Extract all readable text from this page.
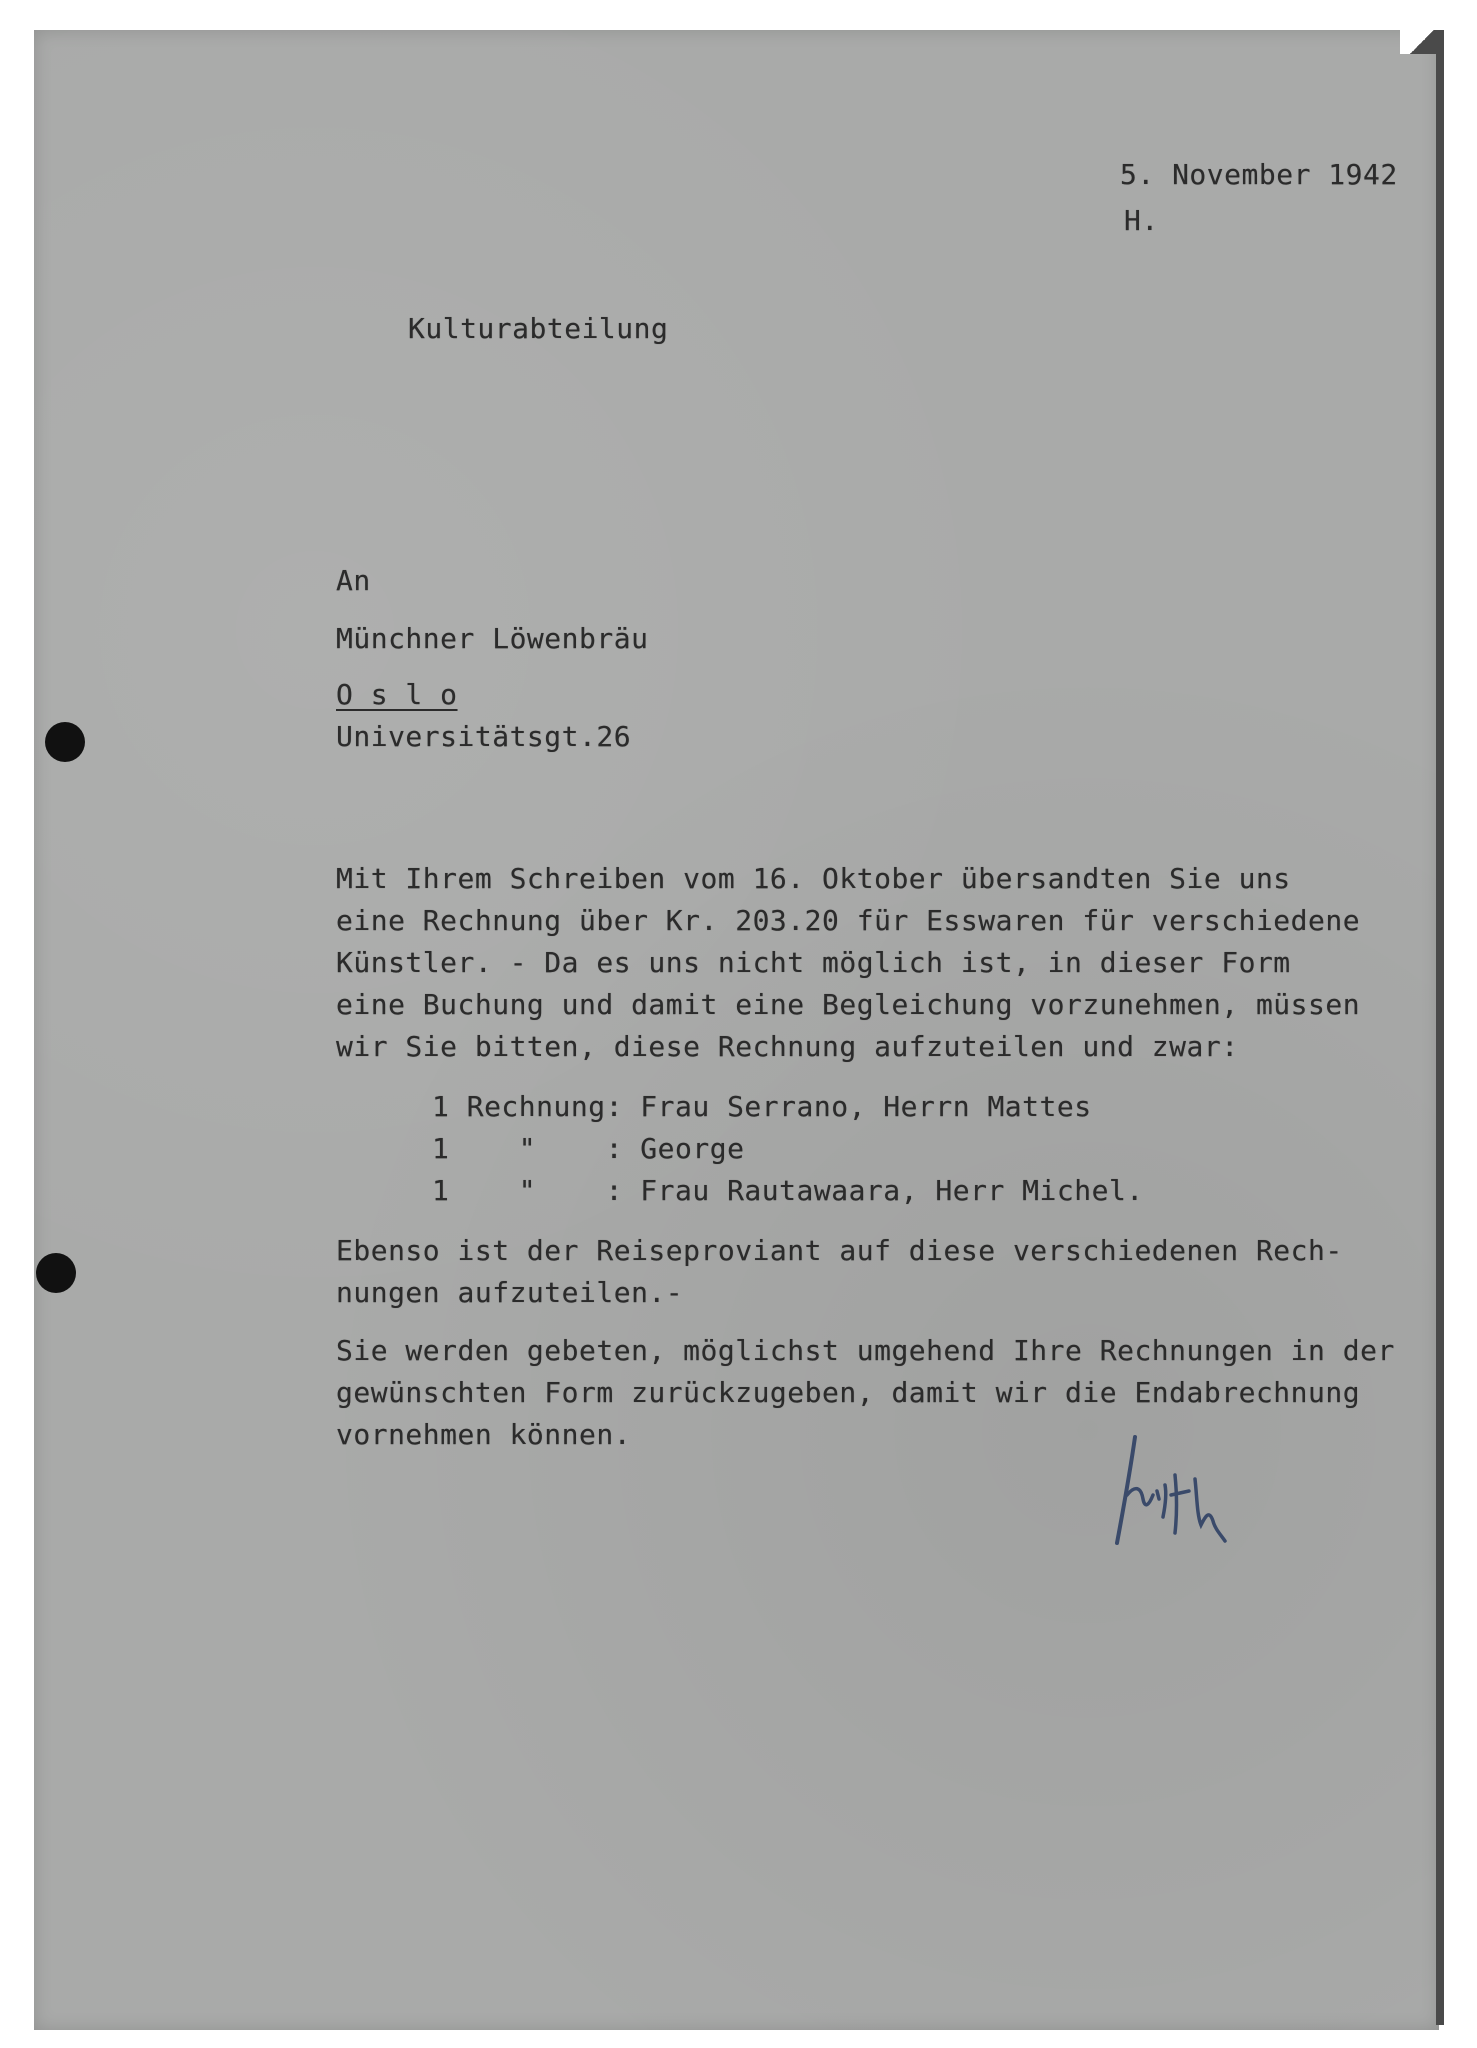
5. November 1942

H.

Kulturabteilung

An

Münchner Löwenbräu

O s l o

Universitätsgt.26

Mit Ihrem Schreiben vom 16. Oktober übersandten Sie uns

eine Rechnung über Kr. 203.20 für Esswaren für verschiedene

Künstler. - Da es uns nicht möglich ist, in dieser Form

eine Buchung und damit eine Begleichung vorzunehmen, müssen

wir Sie bitten, diese Rechnung aufzuteilen und zwar:

1 Rechnung: Frau Serrano, Herrn Mattes

1    "    : George

1    "    : Frau Rautawaara, Herr Michel.

Ebenso ist der Reiseproviant auf diese verschiedenen Rech-

nungen aufzuteilen.-

Sie werden gebeten, möglichst umgehend Ihre Rechnungen in der

gewünschten Form zurückzugeben, damit wir die Endabrechnung

vornehmen können.
